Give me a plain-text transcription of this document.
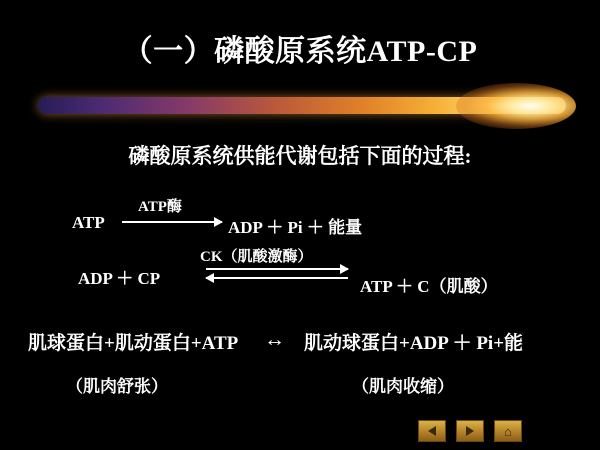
（一）磷酸原系统ATP-CP
磷酸原系统供能代谢包括下面的过程:
ATP酶
ATP	ADP ＋ Pi ＋ 能量
CK（肌酸激酶）
ADP ＋ CP	ATP ＋ C（肌酸）
肌球蛋白+肌动蛋白+ATP ↔ 肌动球蛋白+ADP ＋ Pi+能
（肌肉舒张）	（肌肉收缩）
⌂
